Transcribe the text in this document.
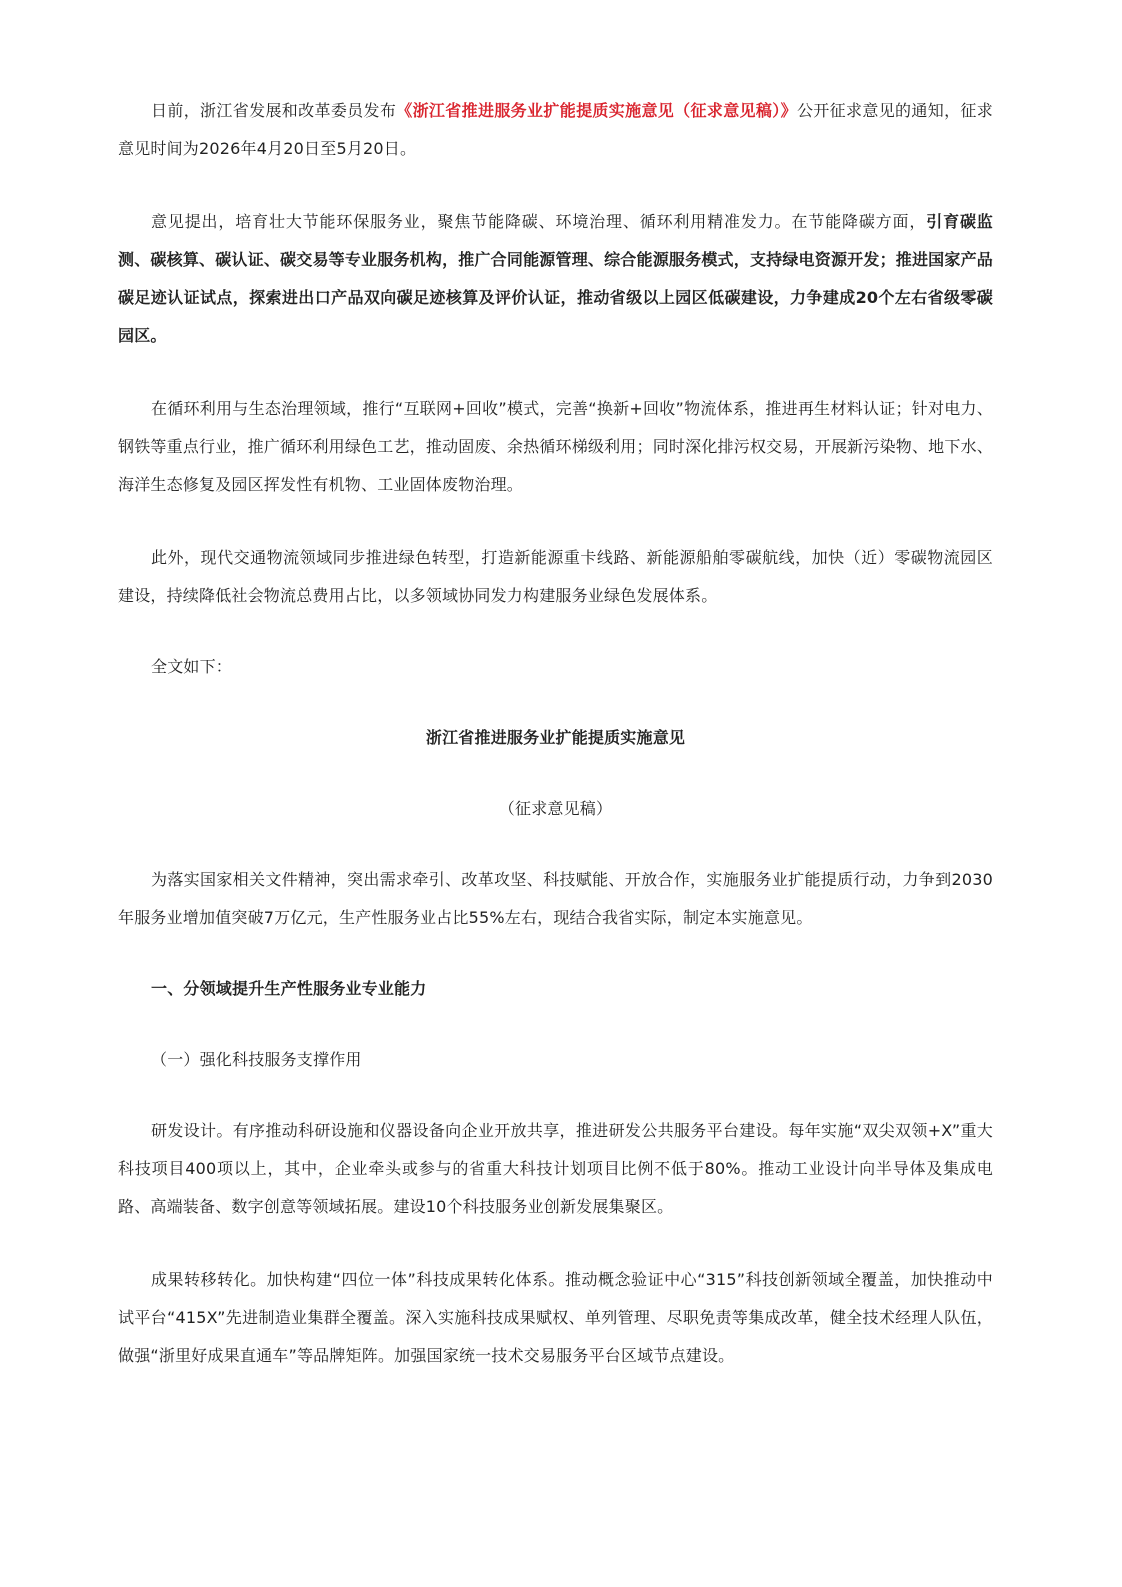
日前，浙江省发展和改革委员发布《浙江省推进服务业扩能提质实施意见（征求意见稿）》公开征求意见的通知，征求意见时间为2026年4月20日至5月20日。

意见提出，培育壮大节能环保服务业，聚焦节能降碳、环境治理、循环利用精准发力。在节能降碳方面，引育碳监测、碳核算、碳认证、碳交易等专业服务机构，推广合同能源管理、综合能源服务模式，支持绿电资源开发；推进国家产品碳足迹认证试点，探索进出口产品双向碳足迹核算及评价认证，推动省级以上园区低碳建设，力争建成20个左右省级零碳园区。

在循环利用与生态治理领域，推行“互联网+回收”模式，完善“换新+回收”物流体系，推进再生材料认证；针对电力、钢铁等重点行业，推广循环利用绿色工艺，推动固废、余热循环梯级利用；同时深化排污权交易，开展新污染物、地下水、海洋生态修复及园区挥发性有机物、工业固体废物治理。

此外，现代交通物流领域同步推进绿色转型，打造新能源重卡线路、新能源船舶零碳航线，加快（近）零碳物流园区建设，持续降低社会物流总费用占比，以多领域协同发力构建服务业绿色发展体系。

全文如下：

浙江省推进服务业扩能提质实施意见

（征求意见稿）

为落实国家相关文件精神，突出需求牵引、改革攻坚、科技赋能、开放合作，实施服务业扩能提质行动，力争到2030年服务业增加值突破7万亿元，生产性服务业占比55%左右，现结合我省实际，制定本实施意见。

一、分领域提升生产性服务业专业能力

（一）强化科技服务支撑作用

研发设计。有序推动科研设施和仪器设备向企业开放共享，推进研发公共服务平台建设。每年实施“双尖双领+X”重大科技项目400项以上，其中，企业牵头或参与的省重大科技计划项目比例不低于80%。推动工业设计向半导体及集成电路、高端装备、数字创意等领域拓展。建设10个科技服务业创新发展集聚区。

成果转移转化。加快构建“四位一体”科技成果转化体系。推动概念验证中心“315”科技创新领域全覆盖，加快推动中试平台“415X”先进制造业集群全覆盖。深入实施科技成果赋权、单列管理、尽职免责等集成改革，健全技术经理人队伍，做强“浙里好成果直通车”等品牌矩阵。加强国家统一技术交易服务平台区域节点建设。
